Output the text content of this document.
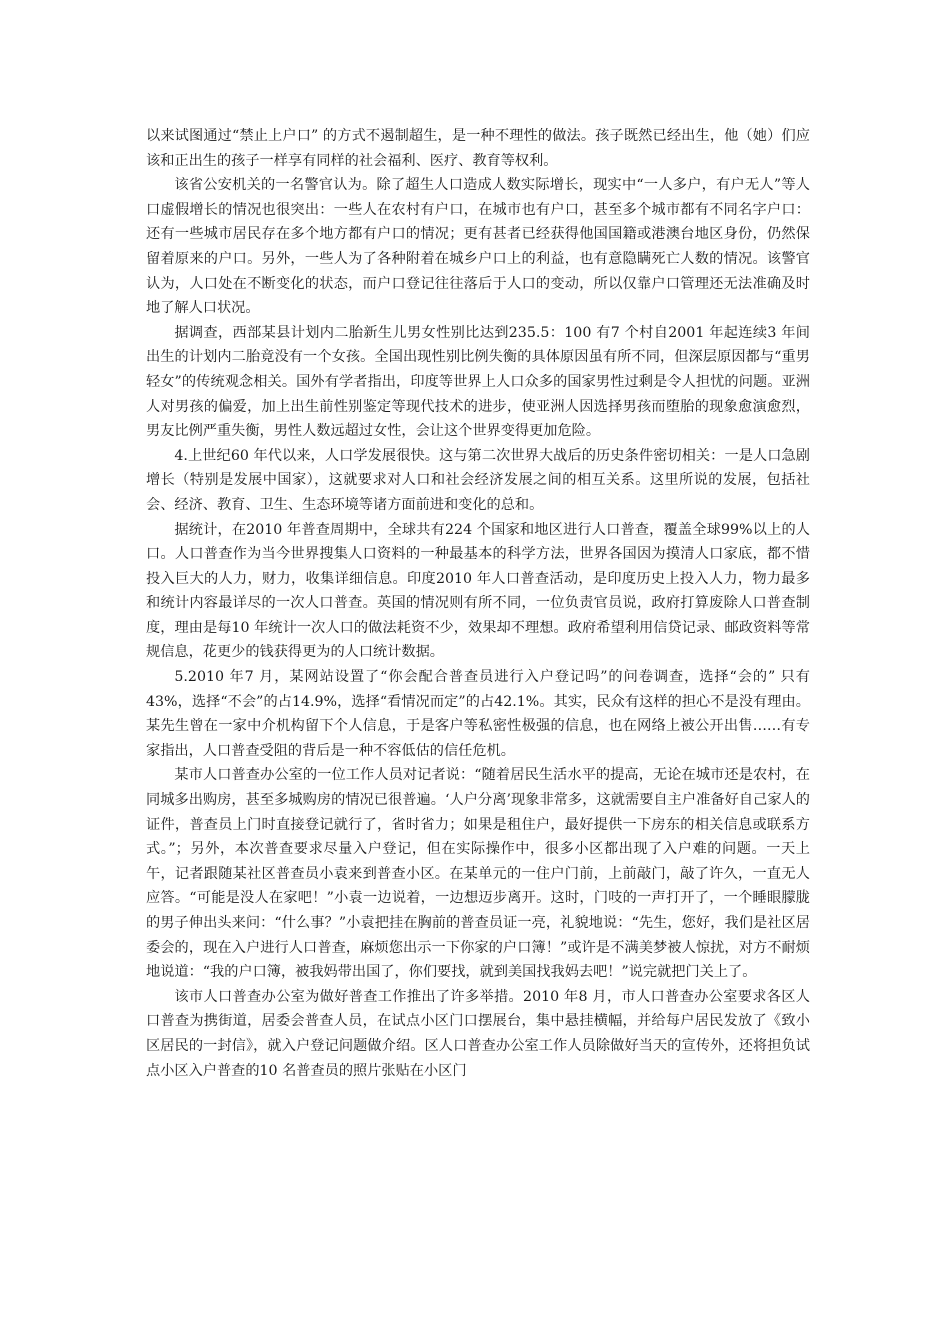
以来试图通过“禁止上户口” 的方式不遏制超生，是一种不理性的做法。孩子既然已经出生，他（她）们应该和正出生的孩子一样享有同样的社会福利、医疗、教育等权利。

该省公安机关的一名警官认为。除了超生人口造成人数实际增长，现实中“一人多户，有户无人”等人口虚假增长的情况也很突出：一些人在农村有户口，在城市也有户口，甚至多个城市都有不同名字户口：还有一些城市居民存在多个地方都有户口的情况；更有甚者已经获得他国国籍或港澳台地区身份，仍然保留着原来的户口。另外，一些人为了各种附着在城乡户口上的利益，也有意隐瞒死亡人数的情况。该警官认为，人口处在不断变化的状态，而户口登记往往落后于人口的变动，所以仅靠户口管理还无法准确及时地了解人口状况。

据调查，西部某县计划内二胎新生儿男女性别比达到235.5：100 有7 个村自2001 年起连续3 年间出生的计划内二胎竟没有一个女孩。全国出现性别比例失衡的具体原因虽有所不同，但深层原因都与“重男轻女”的传统观念相关。国外有学者指出，印度等世界上人口众多的国家男性过剩是令人担忧的问题。亚洲人对男孩的偏爱，加上出生前性别鉴定等现代技术的进步，使亚洲人因选择男孩而堕胎的现象愈演愈烈，男友比例严重失衡，男性人数远超过女性，会让这个世界变得更加危险。

4.上世纪60 年代以来，人口学发展很快。这与第二次世界大战后的历史条件密切相关：一是人口急剧增长（特别是发展中国家），这就要求对人口和社会经济发展之间的相互关系。这里所说的发展，包括社会、经济、教育、卫生、生态环境等诸方面前进和变化的总和。

据统计，在2010 年普查周期中，全球共有224 个国家和地区进行人口普查，覆盖全球99%以上的人口。人口普查作为当今世界搜集人口资料的一种最基本的科学方法，世界各国因为摸清人口家底，都不惜投入巨大的人力，财力，收集详细信息。印度2010 年人口普查活动，是印度历史上投入人力，物力最多和统计内容最详尽的一次人口普查。英国的情况则有所不同，一位负责官员说，政府打算废除人口普查制度，理由是每10 年统计一次人口的做法耗资不少，效果却不理想。政府希望利用信贷记录、邮政资料等常规信息，花更少的钱获得更为的人口统计数据。

5.2010 年7 月，某网站设置了“你会配合普查员进行入户登记吗”的问卷调查，选择“会的” 只有43%，选择“不会”的占14.9%，选择“看情况而定”的占42.1%。其实，民众有这样的担心不是没有理由。某先生曾在一家中介机构留下个人信息，于是客户等私密性极强的信息，也在网络上被公开出售……有专家指出，人口普查受阻的背后是一种不容低估的信任危机。

某市人口普查办公室的一位工作人员对记者说：“随着居民生活水平的提高，无论在城市还是农村，在同城多出购房，甚至多城购房的情况已很普遍。‘人户分离’现象非常多，这就需要自主户准备好自己家人的证件，普查员上门时直接登记就行了，省时省力；如果是租住户，最好提供一下房东的相关信息或联系方式。”；另外，本次普查要求尽量入户登记，但在实际操作中，很多小区都出现了入户难的问题。一天上午，记者跟随某社区普查员小袁来到普查小区。在某单元的一住户门前，上前敲门，敲了许久，一直无人应答。“可能是没人在家吧！”小袁一边说着，一边想迈步离开。这时，门吱的一声打开了，一个睡眼朦胧的男子伸出头来问：“什么事？”小袁把挂在胸前的普查员证一亮，礼貌地说：“先生，您好，我们是社区居委会的，现在入户进行人口普查，麻烦您出示一下你家的户口簿！”或许是不满美梦被人惊扰，对方不耐烦地说道：“我的户口簿，被我妈带出国了，你们要找，就到美国找我妈去吧！”说完就把门关上了。

该市人口普查办公室为做好普查工作推出了许多举措。2010 年8 月，市人口普查办公室要求各区人口普查为携街道，居委会普查人员，在试点小区门口摆展台，集中悬挂横幅，并给每户居民发放了《致小区居民的一封信》，就入户登记问题做介绍。区人口普查办公室工作人员除做好当天的宣传外，还将担负试点小区入户普查的10 名普查员的照片张贴在小区门
